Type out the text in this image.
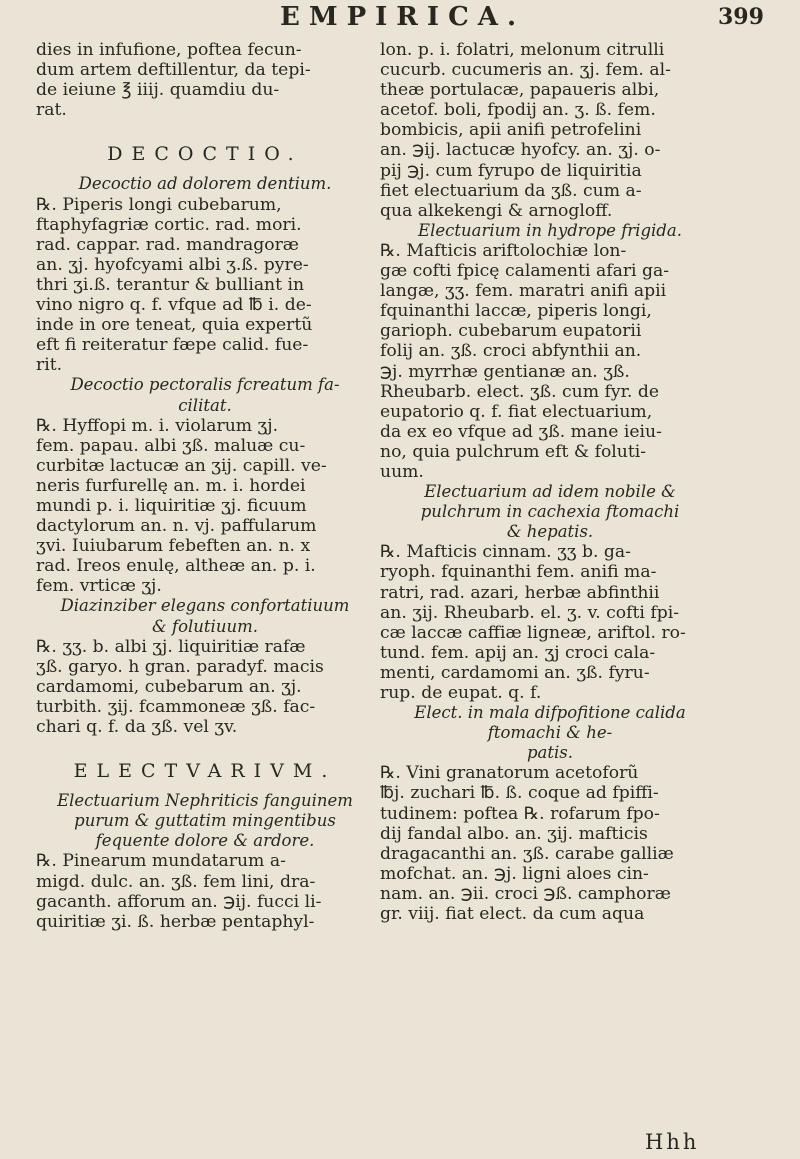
EMPIRICA.	399

dies in infufione, poftea fecun-
dum artem deftillentur, da tepi-
de ieiune ℥ iiij. quamdiu du-
rat.

DECOCTIO.
Decoctio ad dolorem dentium.

℞. Piperis longi cubebarum,
ftaphyfagriæ cortic. rad. mori.
rad. cappar. rad. mandragoræ
an. ʒj. hyofcyami albi ʒ.ß. pyre-
thri ʒi.ß. terantur & bulliant in
vino nigro q. f. vfque ad ℔ i. de-
inde in ore teneat, quia expertũ
eft fi reiteratur fæpe calid. fue-
rit.

Decoctio pectoralis fcreatum fa-
cilitat.

℞. Hyffopi m. i. violarum ʒj.
fem. papau. albi ʒß. maluæ cu-
curbitæ lactucæ an ʒij. capill. ve-
neris furfurellę an. m. i. hordei
mundi p. i. liquiritiæ ʒj. ficuum
dactylorum an. n. vj. paffularum
ʒvi. Iuiubarum febeften an. n. x
rad. Ireos enulę, altheæ an. p. i.
fem. vrticæ ʒj.

Diazinziber elegans confortatiuum
& folutiuum.

℞. ʒʒ. b. albi ʒj. liquiritiæ rafæ
ʒß. garyo. h gran. paradyf. macis
cardamomi, cubebarum an. ʒj.
turbith. ʒij. fcammoneæ ʒß. fac-
chari q. f. da ʒß. vel ʒv.

ELECTVARIVM.
Electuarium Nephriticis fanguinem
purum & guttatim mingentibus
fequente dolore & ardore.

℞. Pinearum mundatarum a-
migd. dulc. an. ʒß. fem lini, dra-
gacanth. afforum an. ℈ij. fucci li-
quiritiæ ʒi. ß. herbæ pentaphyl-

lon. p. i. folatri, melonum citrulli
cucurb. cucumeris an. ʒj. fem. al-
theæ portulacæ, papaueris albi,
acetof. boli, fpodij an. ʒ. ß. fem.
bombicis, apii anifi petrofelini
an. ℈ij. lactucæ hyofcy. an. ʒj. o-
pij ℈j. cum fyrupo de liquiritia
fiet electuarium da ʒß. cum a-
qua alkekengi & arnogloff.

Electuarium in hydrope frigida.

℞. Mafticis ariftolochiæ lon-
gæ cofti fpicę calamenti afari ga-
langæ, ʒʒ. fem. maratri anifi apii
fquinanthi laccæ, piperis longi,
garioph. cubebarum eupatorii
folij an. ʒß. croci abfynthii an.
℈j. myrrhæ gentianæ an. ʒß.
Rheubarb. elect. ʒß. cum fyr. de
eupatorio q. f. fiat electuarium,
da ex eo vfque ad ʒß. mane ieiu-
no, quia pulchrum eft & foluti-
uum.

Electuarium ad idem nobile &
pulchrum in cachexia ftomachi
& hepatis.

℞. Mafticis cinnam. ʒʒ b. ga-
ryoph. fquinanthi fem. anifi ma-
ratri, rad. azari, herbæ abfinthii
an. ʒij. Rheubarb. el. ʒ. v. cofti fpi-
cæ laccæ caffiæ ligneæ, ariftol. ro-
tund. fem. apij an. ʒj croci cala-
menti, cardamomi an. ʒß. fyru-
rup. de eupat. q. f.

Elect. in mala difpofitione calida
ftomachi & he-
patis.

℞. Vini granatorum acetoforũ
℔j. zuchari ℔. ß. coque ad fpiffi-
tudinem: poftea ℞. rofarum fpo-
dij fandal albo. an. ʒij. mafticis
dragacanthi an. ʒß. carabe galliæ
mofchat. an. ℈j. ligni aloes cin-
nam. an. ℈ii. croci ℈ß. camphoræ
gr. viij. fiat elect. da cum aqua

Hhh
